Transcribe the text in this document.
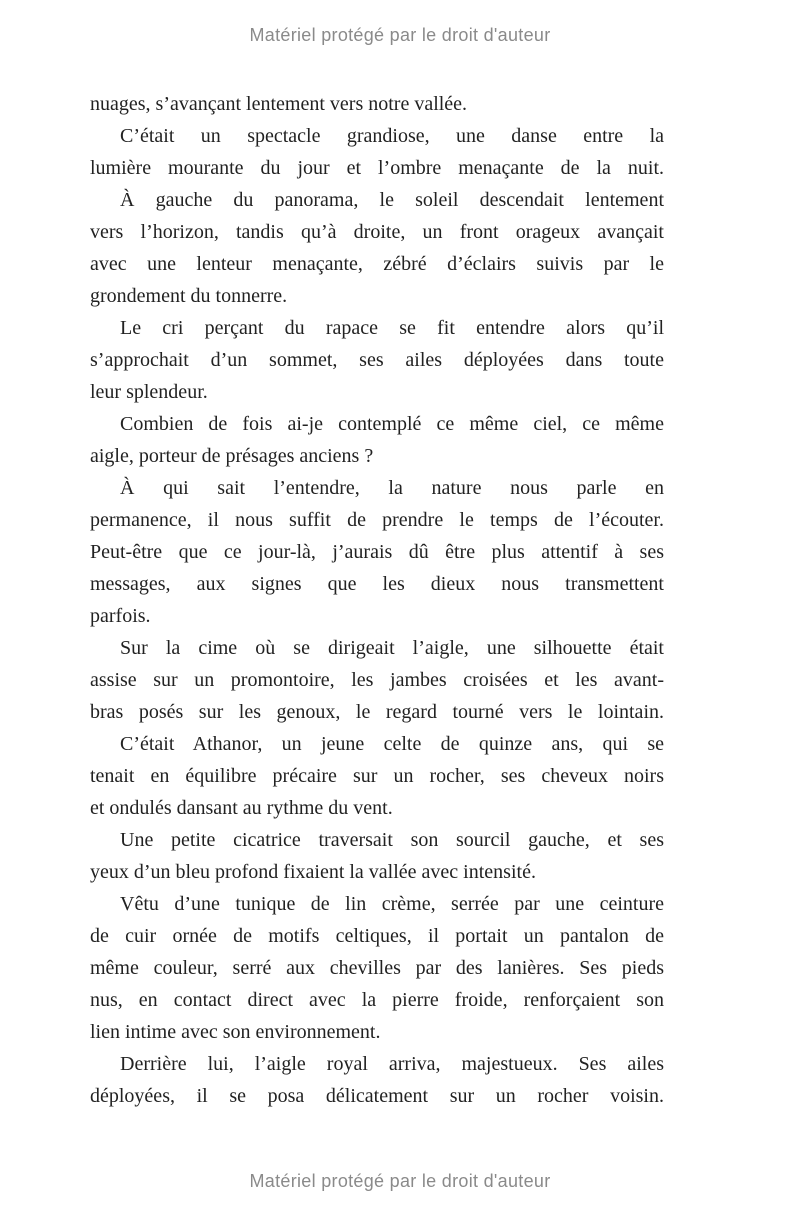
Matériel protégé par le droit d'auteur
nuages, s’avançant lentement vers notre vallée.
C’était un spectacle grandiose, une danse entre la
lumière mourante du jour et l’ombre menaçante de la nuit.
À gauche du panorama, le soleil descendait lentement
vers l’horizon, tandis qu’à droite, un front orageux avançait
avec une lenteur menaçante, zébré d’éclairs suivis par le
grondement du tonnerre.
Le cri perçant du rapace se fit entendre alors qu’il
s’approchait d’un sommet, ses ailes déployées dans toute
leur splendeur.
Combien de fois ai-je contemplé ce même ciel, ce même
aigle, porteur de présages anciens ?
À qui sait l’entendre, la nature nous parle en
permanence, il nous suffit de prendre le temps de l’écouter.
Peut-être que ce jour-là, j’aurais dû être plus attentif à ses
messages, aux signes que les dieux nous transmettent
parfois.
Sur la cime où se dirigeait l’aigle, une silhouette était
assise sur un promontoire, les jambes croisées et les avant-
bras posés sur les genoux, le regard tourné vers le lointain.
C’était Athanor, un jeune celte de quinze ans, qui se
tenait en équilibre précaire sur un rocher, ses cheveux noirs
et ondulés dansant au rythme du vent.
Une petite cicatrice traversait son sourcil gauche, et ses
yeux d’un bleu profond fixaient la vallée avec intensité.
Vêtu d’une tunique de lin crème, serrée par une ceinture
de cuir ornée de motifs celtiques, il portait un pantalon de
même couleur, serré aux chevilles par des lanières. Ses pieds
nus, en contact direct avec la pierre froide, renforçaient son
lien intime avec son environnement.
Derrière lui, l’aigle royal arriva, majestueux. Ses ailes
déployées, il se posa délicatement sur un rocher voisin.
Matériel protégé par le droit d'auteur
